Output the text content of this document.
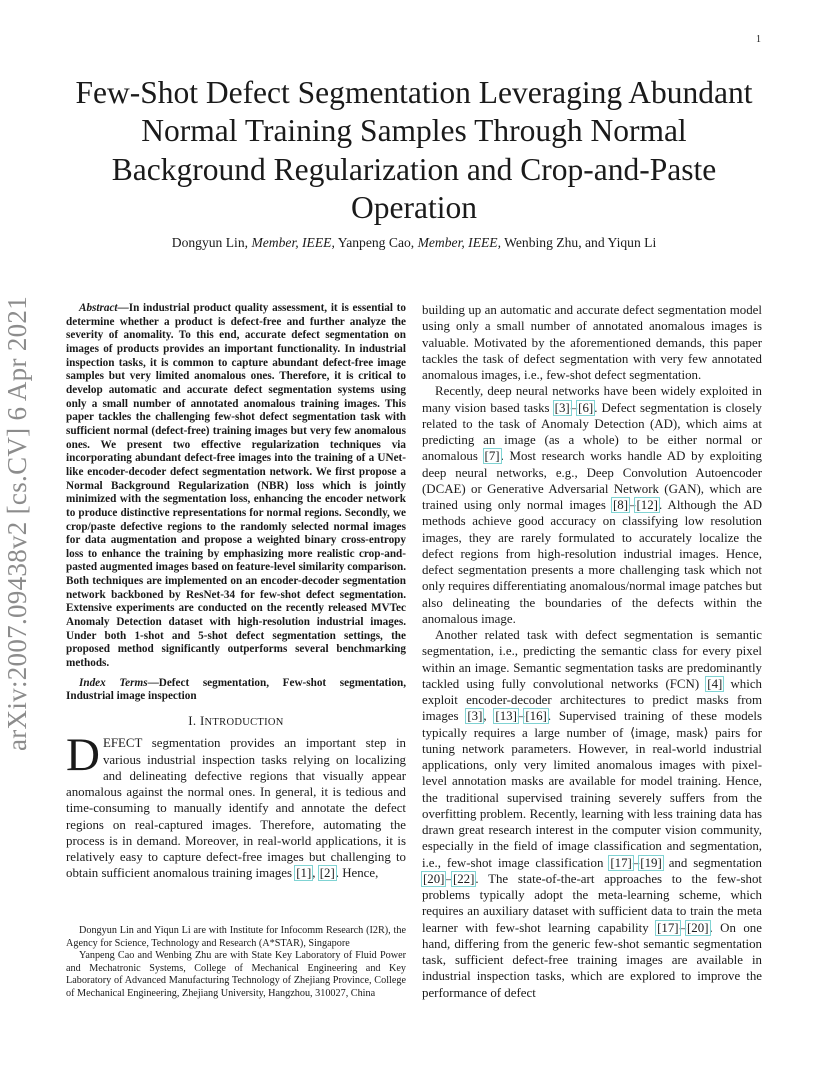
1
arXiv:2007.09438v2 [cs.CV] 6 Apr 2021
Few-Shot Defect Segmentation Leveraging Abundant Normal Training Samples Through Normal Background Regularization and Crop-and-Paste Operation

Dongyun Lin, Member, IEEE, Yanpeng Cao, Member, IEEE, Wenbing Zhu, and Yiqun Li

Abstract—In industrial product quality assessment, it is essential to determine whether a product is defect-free and further analyze the severity of anomality. To this end, accurate defect segmentation on images of products provides an important functionality. In industrial inspection tasks, it is common to capture abundant defect-free image samples but very limited anomalous ones. Therefore, it is critical to develop automatic and accurate defect segmentation systems using only a small number of annotated anomalous training images. This paper tackles the challenging few-shot defect segmentation task with sufficient normal (defect-free) training images but very few anomalous ones. We present two effective regularization techniques via incorporating abundant defect-free images into the training of a UNet-like encoder-decoder defect segmentation network. We first propose a Normal Background Regularization (NBR) loss which is jointly minimized with the segmentation loss, enhancing the encoder network to produce distinctive representations for normal regions. Secondly, we crop/paste defective regions to the randomly selected normal images for data augmentation and propose a weighted binary cross-entropy loss to enhance the training by emphasizing more realistic crop-and-pasted augmented images based on feature-level similarity comparison. Both techniques are implemented on an encoder-decoder segmentation network backboned by ResNet-34 for few-shot defect segmentation. Extensive experiments are conducted on the recently released MVTec Anomaly Detection dataset with high-resolution industrial images. Under both 1-shot and 5-shot defect segmentation settings, the proposed method significantly outperforms several benchmarking methods.

Index Terms—Defect segmentation, Few-shot segmentation, Industrial image inspection

I. INTRODUCTION

DEFECT segmentation provides an important step in various industrial inspection tasks relying on localizing and delineating defective regions that visually appear anomalous against the normal ones. In general, it is tedious and time-consuming to manually identify and annotate the defect regions on real-captured images. Therefore, automating the process is in demand. Moreover, in real-world applications, it is relatively easy to capture defect-free images but challenging to obtain sufficient anomalous training images [1], [2]. Hence,

Dongyun Lin and Yiqun Li are with Institute for Infocomm Research (I2R), the Agency for Science, Technology and Research (A*STAR), Singapore

Yanpeng Cao and Wenbing Zhu are with State Key Laboratory of Fluid Power and Mechatronic Systems, College of Mechanical Engineering and Key Laboratory of Advanced Manufacturing Technology of Zhejiang Province, College of Mechanical Engineering, Zhejiang University, Hangzhou, 310027, China

building up an automatic and accurate defect segmentation model using only a small number of annotated anomalous images is valuable. Motivated by the aforementioned demands, this paper tackles the task of defect segmentation with very few annotated anomalous images, i.e., few-shot defect segmentation.

Recently, deep neural networks have been widely exploited in many vision based tasks [3]–[6]. Defect segmentation is closely related to the task of Anomaly Detection (AD), which aims at predicting an image (as a whole) to be either normal or anomalous [7]. Most research works handle AD by exploiting deep neural networks, e.g., Deep Convolution Autoencoder (DCAE) or Generative Adversarial Network (GAN), which are trained using only normal images [8]–[12]. Although the AD methods achieve good accuracy on classifying low resolution images, they are rarely formulated to accurately localize the defect regions from high-resolution industrial images. Hence, defect segmentation presents a more challenging task which not only requires differentiating anomalous/normal image patches but also delineating the boundaries of the defects within the anomalous image.

Another related task with defect segmentation is semantic segmentation, i.e., predicting the semantic class for every pixel within an image. Semantic segmentation tasks are predominantly tackled using fully convolutional networks (FCN) [4] which exploit encoder-decoder architectures to predict masks from images [3], [13]–[16]. Supervised training of these models typically requires a large number of ⟨image, mask⟩ pairs for tuning network parameters. However, in real-world industrial applications, only very limited anomalous images with pixel-level annotation masks are available for model training. Hence, the traditional supervised training severely suffers from the overfitting problem. Recently, learning with less training data has drawn great research interest in the computer vision community, especially in the field of image classification and segmentation, i.e., few-shot image classification [17]–[19] and segmentation [20]–[22]. The state-of-the-art approaches to the few-shot problems typically adopt the meta-learning scheme, which requires an auxiliary dataset with sufficient data to train the meta learner with few-shot learning capability [17]–[20]. On one hand, differing from the generic few-shot semantic segmentation task, sufficient defect-free training images are available in industrial inspection tasks, which are explored to improve the performance of defect
